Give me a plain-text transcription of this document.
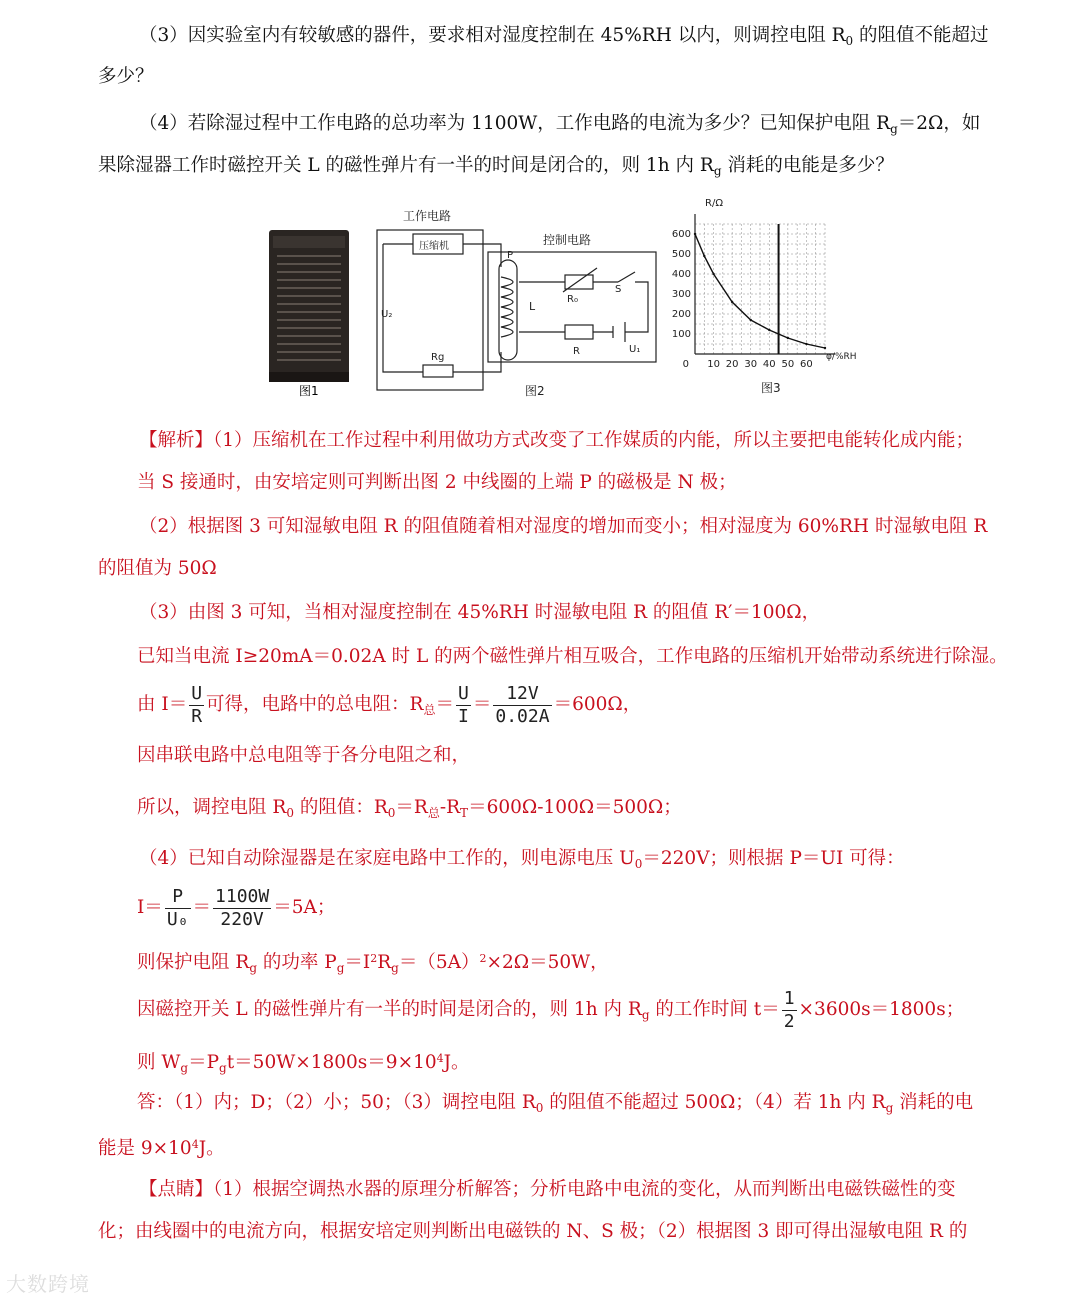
（3）因实验室内有较敏感的器件，要求相对湿度控制在 45%RH 以内，则调控电阻 $R_0$ 的阻值不能超过
多少？
（4）若除湿过程中工作电路的总功率为 1100W，工作电路的电流为多少？已知保护电阻 $R_g=2\Omega$，如
果除湿器工作时磁控开关 L 的磁性弹片有一半的时间是闭合的，则 1h 内 $R_g$ 消耗的电能是多少？
图1
工作电路
控制电路
压缩机
U₂
Rg
P
L
R₀
S
R	U₁
图2
600
500
400
300
200
100
0 10 20 30 40 50 60
R/Ω
φ/%RH
图3
【解析】（1）压缩机在工作过程中利用做功方式改变了工作媒质的内能，所以主要把电能转化成内能；
当 S 接通时，由安培定则可判断出图 2 中线圈的上端 P 的磁极是 N 极；
（2）根据图 3 可知湿敏电阻 R 的阻值随着相对湿度的增加而变小；相对湿度为 60%RH 时湿敏电阻 R
的阻值为 50Ω
（3）由图 3 可知，当相对湿度控制在 45%RH 时湿敏电阻 R 的阻值 R′＝100Ω，
已知当电流 I≥20mA＝0.02A 时 L 的两个磁性弹片相互吸合，工作电路的压缩机开始带动系统进行除湿。
由 $I= \frac{U}{R}$ 可得，电路中的总电阻：$R_总= \frac{U}{I} = \frac{12V}{0.02A} =600\Omega$，
因串联电路中总电阻等于各分电阻之和，
所以，调控电阻 $R_0$ 的阻值：$R_0=R_总-R_T=600\Omega-100\Omega=500\Omega$；
（4）已知自动除湿器是在家庭电路中工作的，则电源电压 $U_0=220V$；则根据 P＝UI 可得：
$I= \frac{P}{\text{U₀}} = \frac{1100W}{220V} =5A$；
则保护电阻 $R_g$ 的功率 $P_g=I^2R_g=(5A)^2\times 2\Omega=50W$，
因磁控开关 L 的磁性弹片有一半的时间是闭合的，则 1h 内 $R_g$ 的工作时间 $t= \frac{1}{2} \times 3600s=1800s$；
则 $W_g=P_gt=50W\times 1800s=9\times 10^4J$。
答：（1）内；D；（2）小；50；（3）调控电阻 $R_0$ 的阻值不能超过 500Ω；（4）若 1h 内 $R_g$ 消耗的电
能是 $9\times 10^4J$。
【点睛】（1）根据空调热水器的原理分析解答；分析电路中电流的变化，从而判断出电磁铁磁性的变
化；由线圈中的电流方向，根据安培定则判断出电磁铁的 N、S 极；（2）根据图 3 即可得出湿敏电阻 R 的
大数跨境
